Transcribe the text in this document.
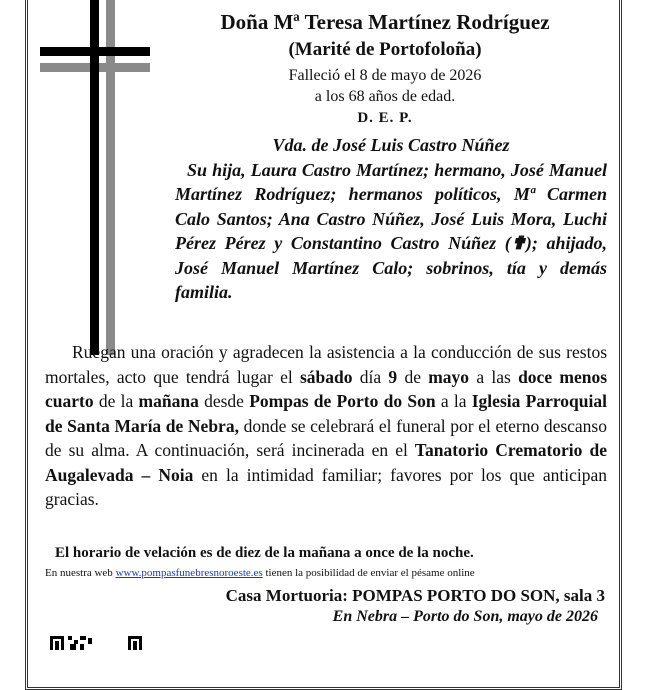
Doña Mª Teresa Martínez Rodríguez
(Marité de Portofoloña)
Falleció el 8 de mayo de 2026
a los 68 años de edad.
D. E. P.
Vda. de José Luis Castro Núñez
Su hija, Laura Castro Martínez; hermano, José Manuel Martínez Rodríguez; hermanos políticos, Mª Carmen Calo Santos; Ana Castro Núñez, José Luis Mora, Luchi Pérez Pérez y Constantino Castro Núñez (✟); ahijado, José Manuel Martínez Calo; sobrinos, tía y demás familia.
Ruegan una oración y agradecen la asistencia a la conducción de sus restos mortales, acto que tendrá lugar el sábado día 9 de mayo a las doce menos cuarto de la mañana desde Pompas de Porto do Son a la Iglesia Parroquial de Santa María de Nebra, donde se celebrará el funeral por el eterno descanso de su alma. A continuación, será incinerada en el Tanatorio Crematorio de Augalevada – Noia en la intimidad familiar; favores por los que anticipan gracias.
El horario de velación es de diez de la mañana a once de la noche.
En nuestra web www.pompasfunebresnoroeste.es tienen la posibilidad de enviar el pésame online
Casa Mortuoria: POMPAS PORTO DO SON, sala 3
En Nebra – Porto do Son, mayo de 2026
